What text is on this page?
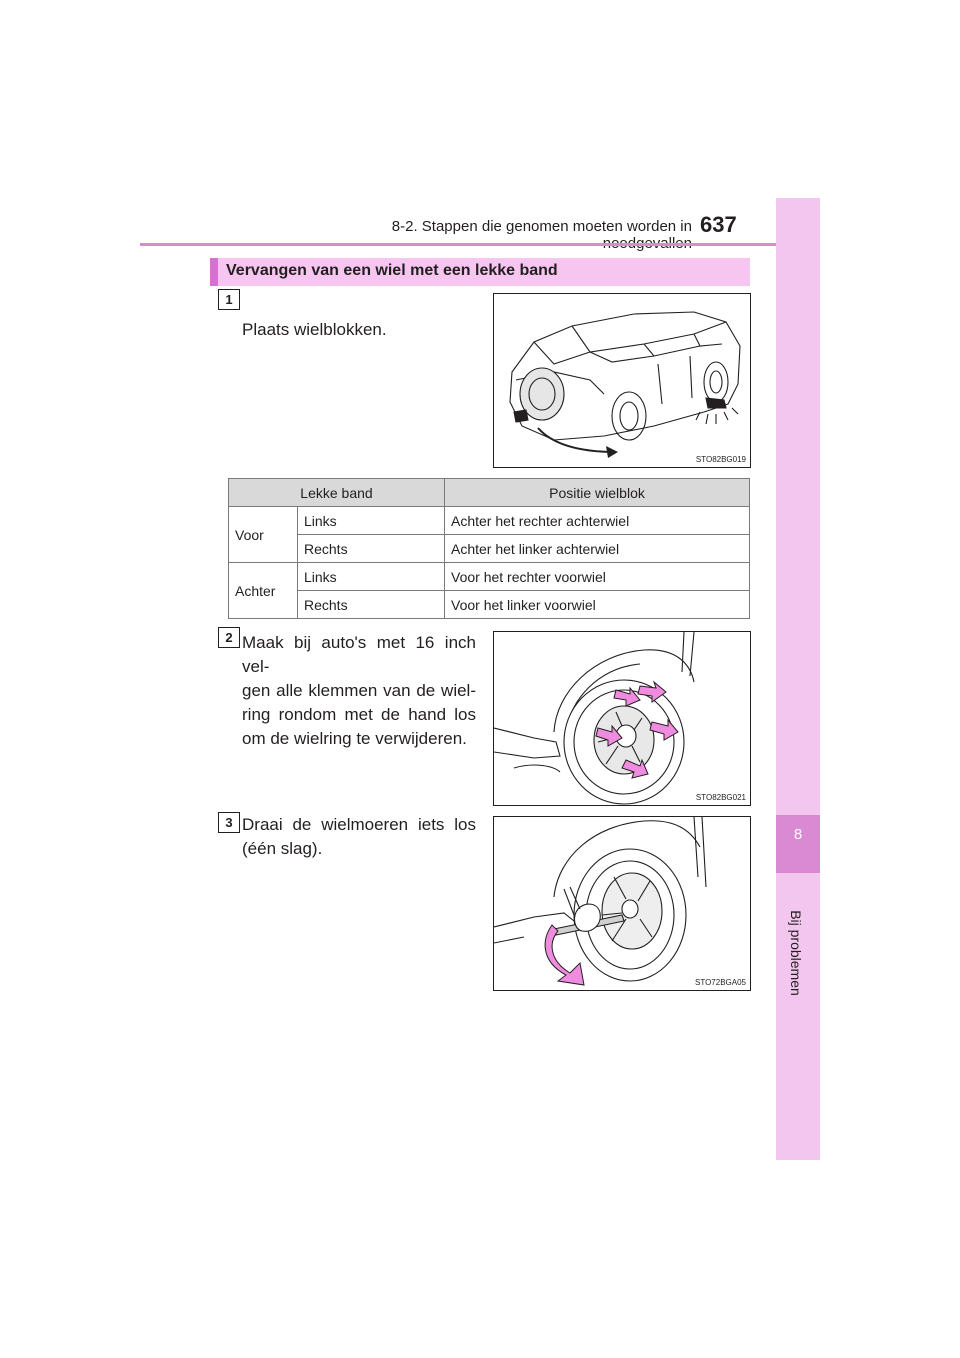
8-2. Stappen die genomen moeten worden in 637
8
Bij problemen
Vervangen van een wiel met een lekke band
1
Plaats wielblokken.
STO82BG019
Lekke band		Positie wielblok
Voor	Links	Achter het rechter achterwiel
	Rechts	Achter het linker achterwiel
Achter	Links	Voor het rechter voorwiel
	Rechts	Voor het linker voorwiel
2 Maak bij auto's met 16 inch vel-
gen alle klemmen van de wiel-
ring rondom met de hand los
om de wielring te verwijderen.
STO82BG021
3 Draai de wielmoeren iets los
(één slag).
STO72BGA05
